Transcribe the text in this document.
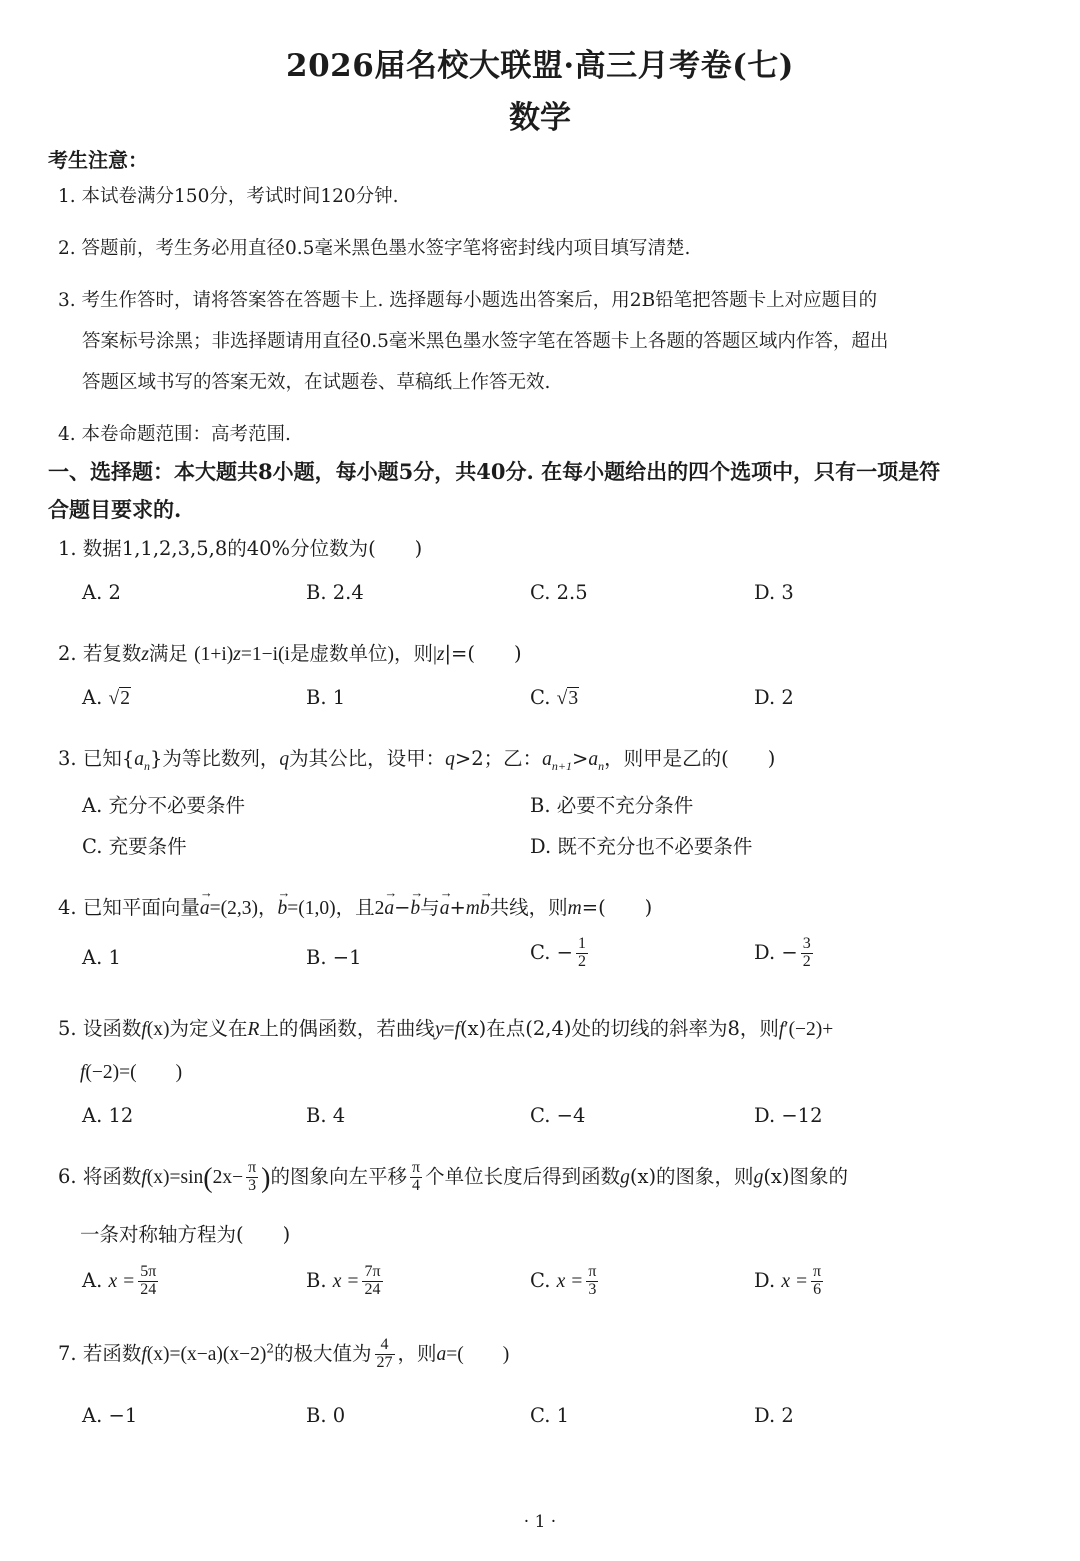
2026届名校大联盟·高三月考卷(七)
数学
考生注意：
1. 本试卷满分150分，考试时间120分钟.
2. 答题前，考生务必用直径0.5毫米黑色墨水签字笔将密封线内项目填写清楚.
3. 考生作答时，请将答案答在答题卡上. 选择题每小题选出答案后，用2B铅笔把答题卡上对应题目的
答案标号涂黑；非选择题请用直径0.5毫米黑色墨水签字笔在答题卡上各题的答题区域内作答，超出
答题区域书写的答案无效，在试题卷、草稿纸上作答无效.
4. 本卷命题范围：高考范围.
一、选择题：本大题共8小题，每小题5分，共40分. 在每小题给出的四个选项中，只有一项是符
合题目要求的.
1. 数据1,1,2,3,5,8的40%分位数为(　　)
A. 2	B. 2.4	C. 2.5	D. 3
2. 若复数z满足 (1+i)z=1−i(i是虚数单位)，则|z|=(　　)
A. √2	B. 1	C. √3	D. 2
3. 已知$\{a_n\}$为等比数列，q为其公比，设甲：q>2；乙：$a_{n+1}>a_n$，则甲是乙的(　　)
A. 充分不必要条件	B. 必要不充分条件
C. 充要条件	D. 既不充分也不必要条件
4. 已知平面向量→ a=(2,3)，→ b=(1,0)，且2→ a−→ b与→ a+m→ b共线，则m=(　　)
A. 1	B. −1	C. − $\frac{1}{2}$	D. − $\frac{3}{2}$
5. 设函数f(x)为定义在R上的偶函数，若曲线y=f(x)在点(2,4)处的切线的斜率为8，则f′(−2)+
f(−2)=(　　)
A. 12	B. 4	C. −4	D. −12
6. 将函数$f(x)=\sin(2x- \frac{\pi}{3}$ )的图象向左平移 $\frac{\pi}{4}$ 个单位长度后得到函数g(x)的图象，则g(x)图象的
一条对称轴方程为(　　)
A. $x = \frac{5\pi}{24}$	B. $x = \frac{7\pi}{24}$	C. $x = \frac{\pi}{3}$	D. $x = \frac{\pi}{6}$
7. 若函数$f(x)=(x-a)(x-2)^2$的极大值为 $\frac{4}{27}$ ，则a=(　　)
A. −1	B. 0	C. 1	D. 2
· 1 ·
